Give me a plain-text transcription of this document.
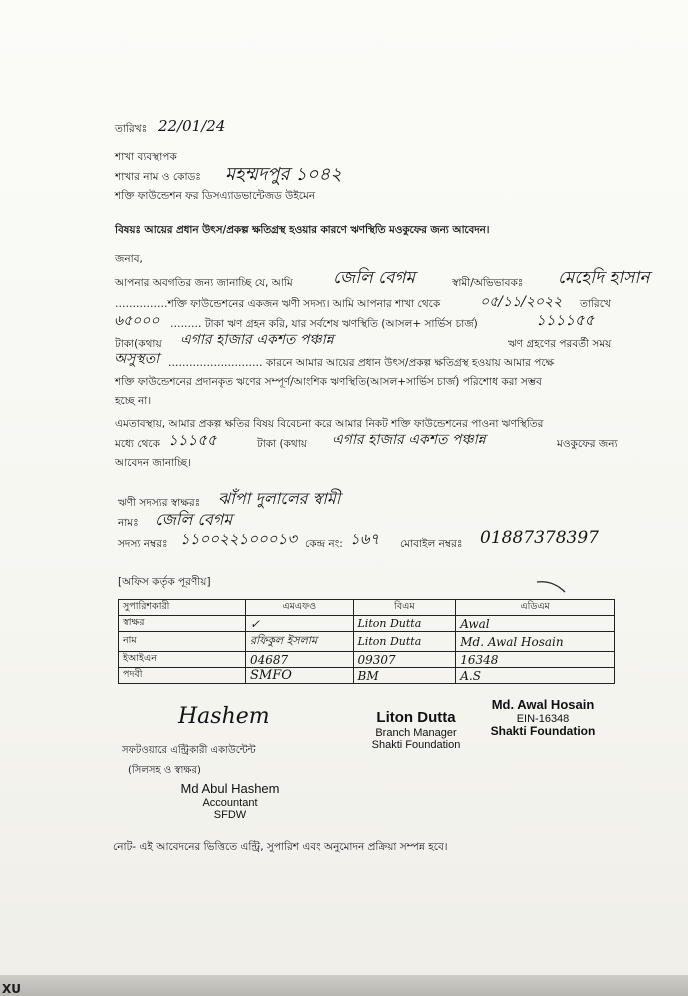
তারিখঃ 22/01/24
শাখা ব্যবস্থাপক
শাখার নাম ও কোডঃ মহম্মদপুর ১০৪২
শক্তি ফাউন্ডেশন ফর ডিসএ্যাডভান্টেজড উইমেন
বিষয়ঃ আয়ের প্রধান উৎস/প্রকল্প ক্ষতিগ্রস্থ হওয়ার কারণে ঋণস্থিতি মওকুফের জন্য আবেদন।
জনাব,
আপনার অবগতির জন্য জানাচ্ছি যে, আমি জেলি বেগম	স্বামী/অভিভাবকঃ মেহেদি হাসান
……………শক্তি ফাউন্ডেশনের একজন ঋণী সদস্য। আমি আপনার শাখা থেকে	০৫/১১/২০২২ তারিখে
৬৫০০০ ……… টাকা ঋণ গ্রহন করি, যার সর্বশেষ ঋণস্থিতি (আসল+ সার্ভিস চার্জ)	১১১১৫৫
টাকা(কথায় এগার হাজার একশত পঞ্চান্ন	ঋণ গ্রহণের পরবর্তী সময়
অসুস্থতা ……………………… কারনে আমার আয়ের প্রধান উৎস/প্রকল্প ক্ষতিগ্রস্থ হওয়ায় আমার পক্ষে
শক্তি ফাউন্ডেশনের প্রদানকৃত ঋণের সম্পূর্ণ/আংশিক ঋণস্থিতি(আসল+সার্ভিস চার্জ) পরিশোধ করা সম্ভব
হচ্ছে না।
এমতাবস্থায়, আমার প্রকল্প ক্ষতির বিষয় বিবেচনা করে আমার নিকট শক্তি ফাউন্ডেশনের পাওনা ঋণস্থিতির
মধ্যে থেকে ১১১৫৫	টাকা (কথায় এগার হাজার একশত পঞ্চান্ন	মওকুফের জন্য
আবেদন জানাচ্ছি।
ঋণী সদস্যর স্বাক্ষরঃ ঝাঁপা দুলালের স্বামী
নামঃ জেলি বেগম
সদস্য নম্বরঃ ১১০০২২১০০০১৩ কেন্দ্র নং: ১৬৭ মোবাইল নম্বরঃ 01887378397
[অফিস কর্তৃক পূরণীয়]
সুপারিশকারী	এমএফও	বিএম	এডিএম
স্বাক্ষর	✓	Liton Dutta	Awal
নাম	রফিকুল ইসলাম	Liton Dutta	Md. Awal Hosain
ইআইএন	04687	09307	16348
পদবী	SMFO	BM	A.S
Hashem
সফটওয়ারে এন্ট্রিকারী একাউন্টেন্ট
(সিলসহ ও স্বাক্ষর)
Md Abul Hashem
Accountant
SFDW
Liton Dutta
Branch Manager
Shakti Foundation
Md. Awal Hosain
EIN-16348
Shakti Foundation
নোট- এই আবেদনের ভিত্তিতে এন্ট্রি, সুপারিশ এবং অনুমোদন প্রক্রিয়া সম্পন্ন হবে।
XU
